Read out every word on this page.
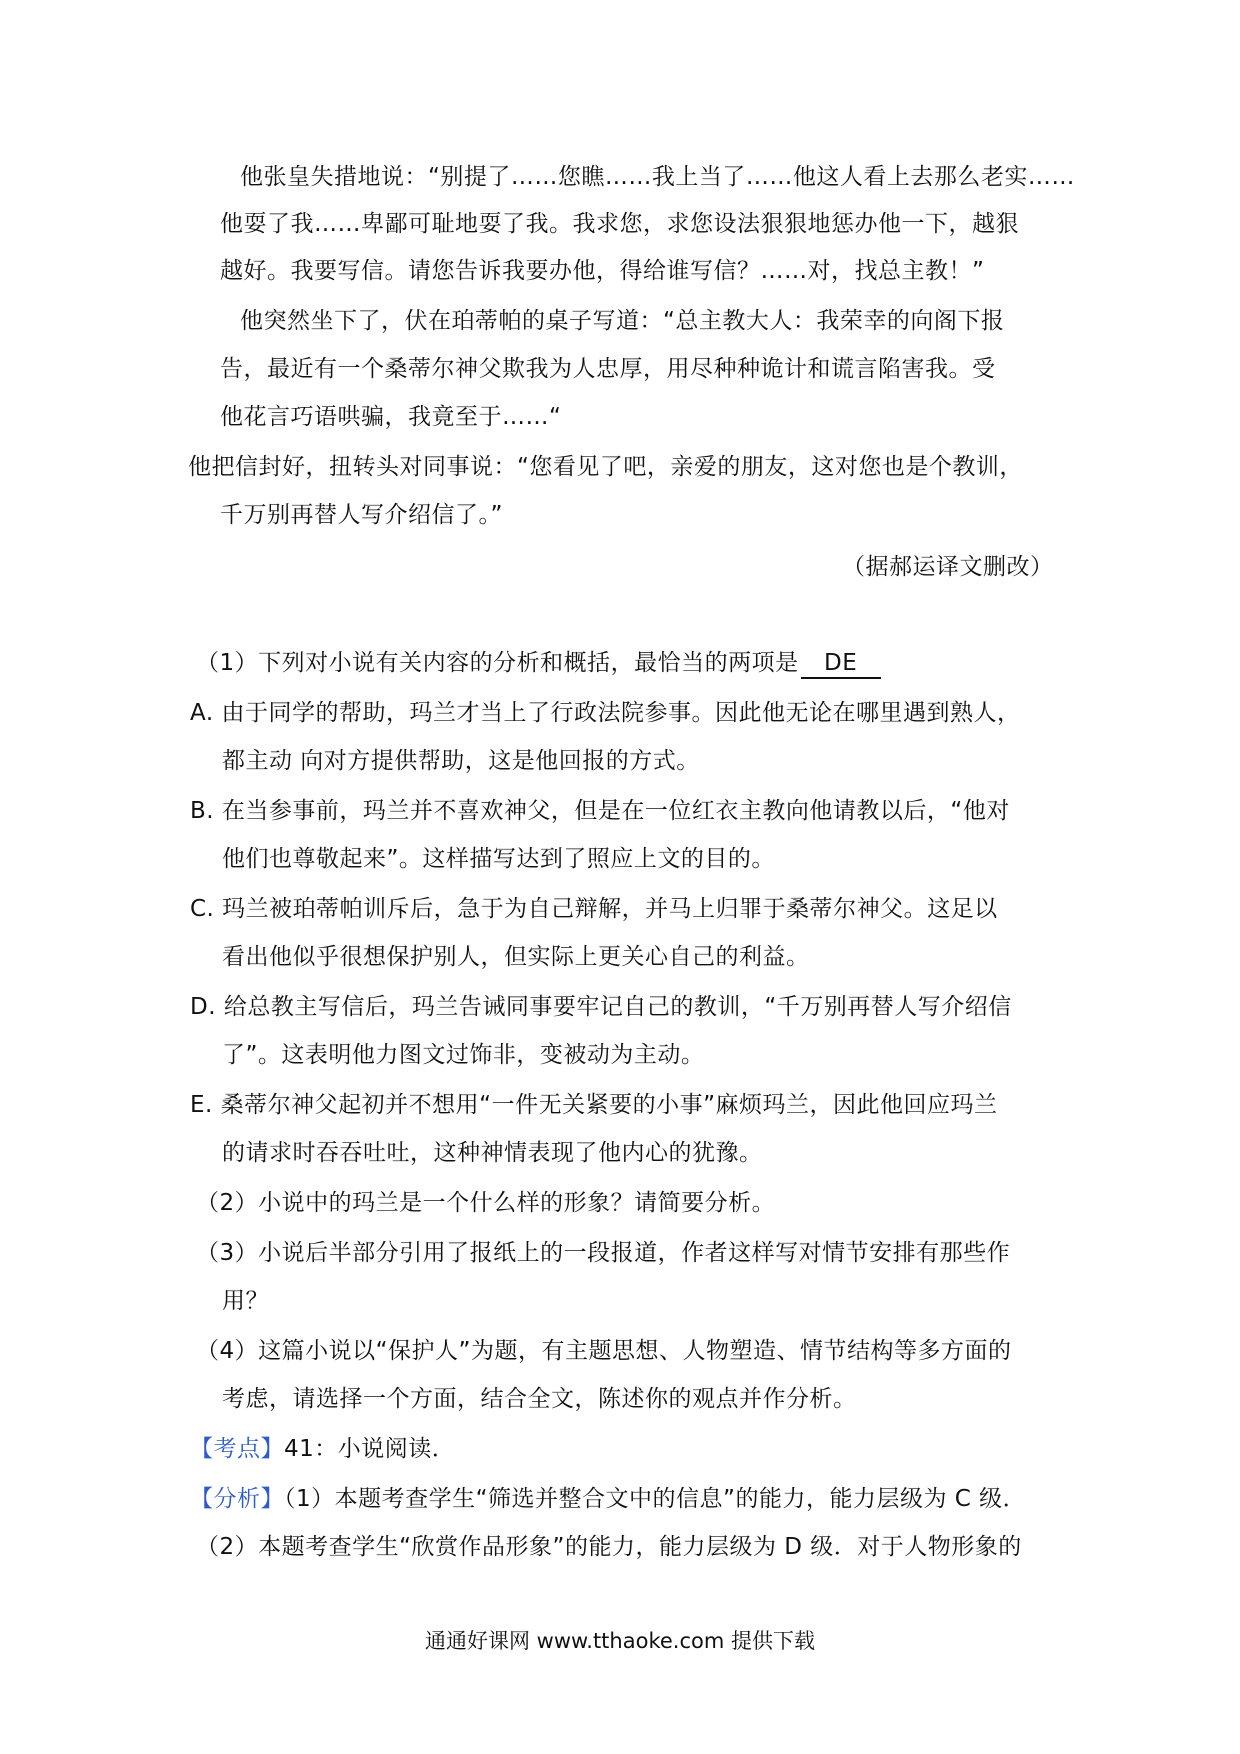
他张皇失措地说：“别提了……您瞧……我上当了……他这人看上去那么老实……
他耍了我……卑鄙可耻地耍了我。我求您，求您设法狠狠地惩办他一下，越狠
越好。我要写信。请您告诉我要办他，得给谁写信？……对，找总主教！”
他突然坐下了，伏在珀蒂帕的桌子写道：“总主教大人：我荣幸的向阁下报
告，最近有一个桑蒂尔神父欺我为人忠厚，用尽种种诡计和谎言陷害我。受
他花言巧语哄骗，我竟至于……“
他把信封好，扭转头对同事说：“您看见了吧，亲爱的朋友，这对您也是个教训，
千万别再替人写介绍信了。”
（据郝运译文删改）
（1）下列对小说有关内容的分析和概括，最恰当的两项是 DE
A. 由于同学的帮助，玛兰才当上了行政法院参事。因此他无论在哪里遇到熟人，
都主动 向对方提供帮助，这是他回报的方式。
B. 在当参事前，玛兰并不喜欢神父，但是在一位红衣主教向他请教以后，“他对
他们也尊敬起来”。这样描写达到了照应上文的目的。
C. 玛兰被珀蒂帕训斥后，急于为自己辩解，并马上归罪于桑蒂尔神父。这足以
看出他似乎很想保护别人，但实际上更关心自己的利益。
D. 给总教主写信后，玛兰告诫同事要牢记自己的教训，“千万别再替人写介绍信
了”。这表明他力图文过饰非，变被动为主动。
E. 桑蒂尔神父起初并不想用“一件无关紧要的小事”麻烦玛兰，因此他回应玛兰
的请求时吞吞吐吐，这种神情表现了他内心的犹豫。
（2）小说中的玛兰是一个什么样的形象？请简要分析。
（3）小说后半部分引用了报纸上的一段报道，作者这样写对情节安排有那些作
用？
（4）这篇小说以“保护人”为题，有主题思想、人物塑造、情节结构等多方面的
考虑，请选择一个方面，结合全文，陈述你的观点并作分析。
【考点】41：小说阅读．
【分析】（1）本题考查学生“筛选并整合文中的信息”的能力，能力层级为 C 级．
（2）本题考查学生“欣赏作品形象”的能力，能力层级为 D 级．对于人物形象的
通通好课网 www.tthaoke.com 提供下载
